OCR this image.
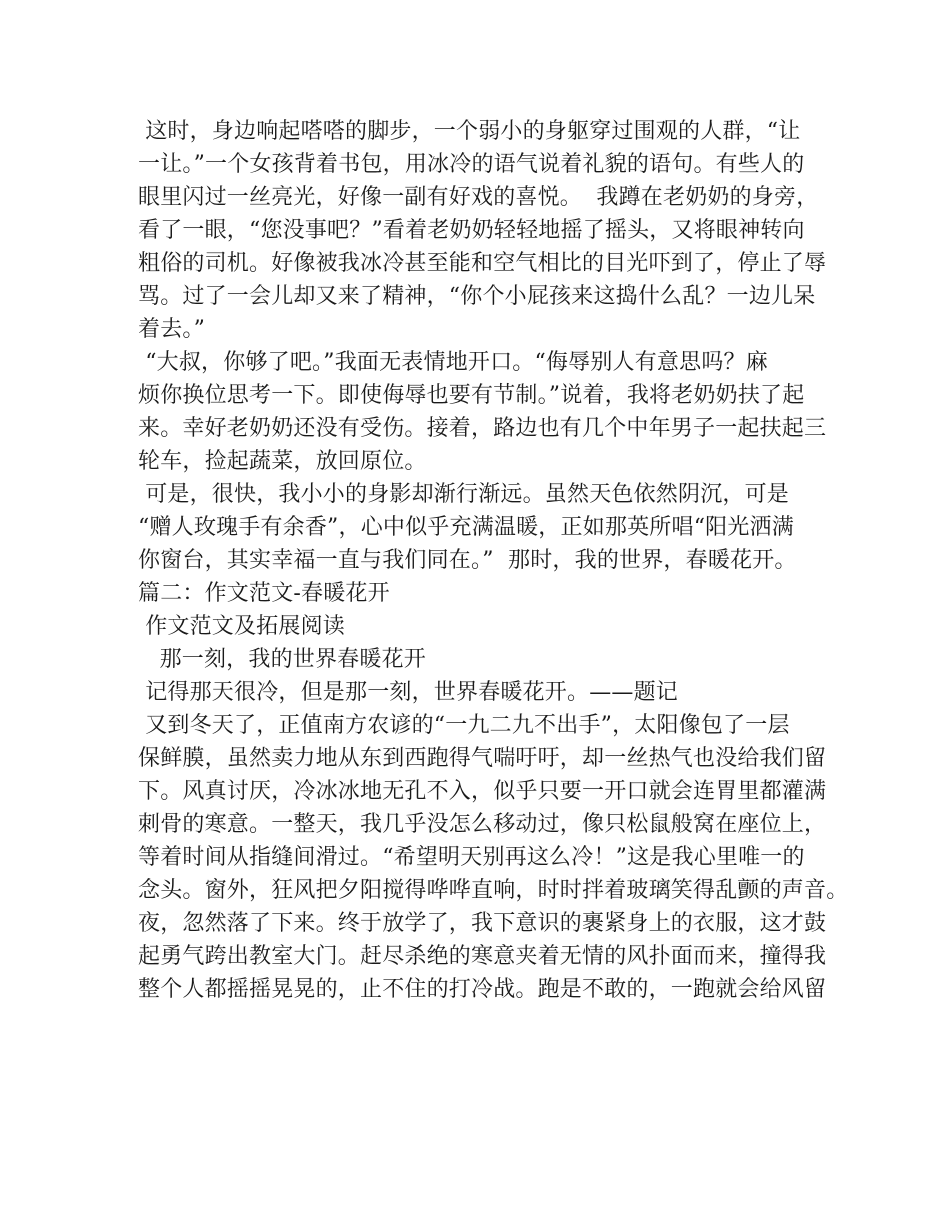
这时，身边响起嗒嗒的脚步，一个弱小的身躯穿过围观的人群，“让
一让。”一个女孩背着书包，用冰冷的语气说着礼貌的语句。有些人的
眼里闪过一丝亮光，好像一副有好戏的喜悦。  我蹲在老奶奶的身旁，
看了一眼，“您没事吧？”看着老奶奶轻轻地摇了摇头，又将眼神转向
粗俗的司机。好像被我冰冷甚至能和空气相比的目光吓到了，停止了辱
骂。过了一会儿却又来了精神，“你个小屁孩来这捣什么乱？一边儿呆
着去。”
“大叔，你够了吧。”我面无表情地开口。“侮辱别人有意思吗？麻
烦你换位思考一下。即使侮辱也要有节制。”说着，我将老奶奶扶了起
来。幸好老奶奶还没有受伤。接着，路边也有几个中年男子一起扶起三
轮车，捡起蔬菜，放回原位。
可是，很快，我小小的身影却渐行渐远。虽然天色依然阴沉，可是
“赠人玫瑰手有余香”，心中似乎充满温暖，正如那英所唱“阳光洒满
你窗台，其实幸福一直与我们同在。”  那时，我的世界，春暖花开。
篇二：作文范文-春暖花开
作文范文及拓展阅读
那一刻，我的世界春暖花开
记得那天很冷，但是那一刻，世界春暖花开。——题记
又到冬天了，正值南方农谚的“一九二九不出手”，太阳像包了一层
保鲜膜，虽然卖力地从东到西跑得气喘吁吁，却一丝热气也没给我们留
下。风真讨厌，冷冰冰地无孔不入，似乎只要一开口就会连胃里都灌满
刺骨的寒意。一整天，我几乎没怎么移动过，像只松鼠般窝在座位上，
等着时间从指缝间滑过。“希望明天别再这么冷！”这是我心里唯一的
念头。窗外，狂风把夕阳搅得哗哗直响，时时拌着玻璃笑得乱颤的声音。
夜，忽然落了下来。终于放学了，我下意识的裹紧身上的衣服，这才鼓
起勇气跨出教室大门。赶尽杀绝的寒意夹着无情的风扑面而来，撞得我
整个人都摇摇晃晃的，止不住的打冷战。跑是不敢的，一跑就会给风留
